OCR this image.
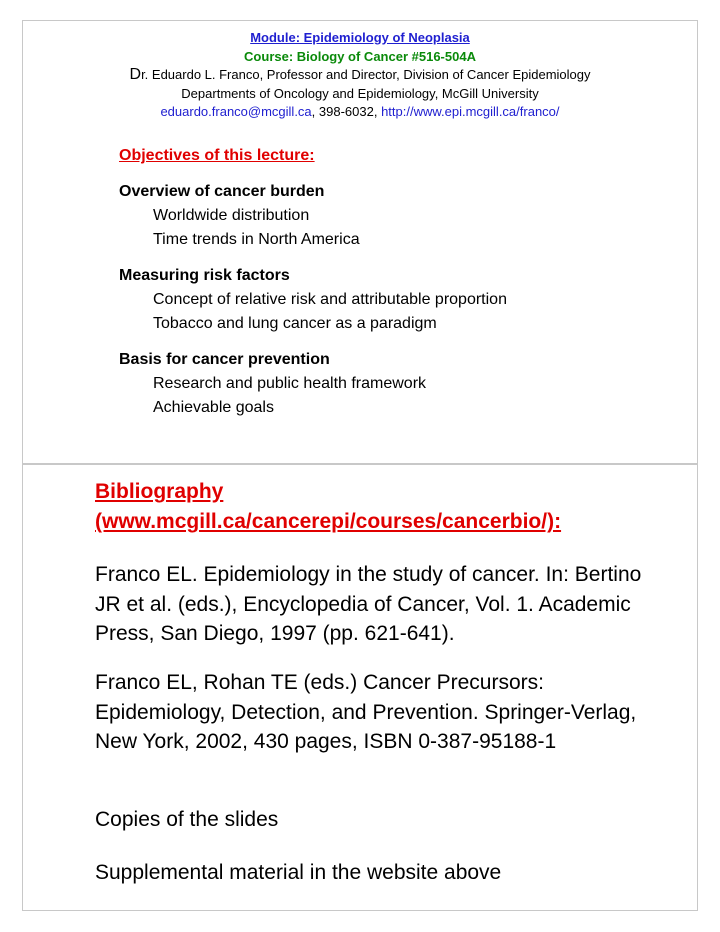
Module: Epidemiology of Neoplasia
Course: Biology of Cancer #516-504A
Dr. Eduardo L. Franco, Professor and Director, Division of Cancer Epidemiology
Departments of Oncology and Epidemiology, McGill University
eduardo.franco@mcgill.ca, 398-6032, http://www.epi.mcgill.ca/franco/
Objectives of this lecture:
Overview of cancer burden
Worldwide distribution
Time trends in North America
Measuring risk factors
Concept of relative risk and attributable proportion
Tobacco and lung cancer as a paradigm
Basis for cancer prevention
Research and public health framework
Achievable goals
Bibliography
(www.mcgill.ca/cancerepi/courses/cancerbio/):
Franco EL. Epidemiology in the study of cancer. In: Bertino JR et al. (eds.), Encyclopedia of Cancer, Vol. 1. Academic Press, San Diego, 1997 (pp. 621-641).
Franco EL, Rohan TE (eds.) Cancer Precursors: Epidemiology, Detection, and Prevention. Springer-Verlag, New York, 2002, 430 pages, ISBN 0-387-95188-1
Copies of the slides
Supplemental material in the website above
